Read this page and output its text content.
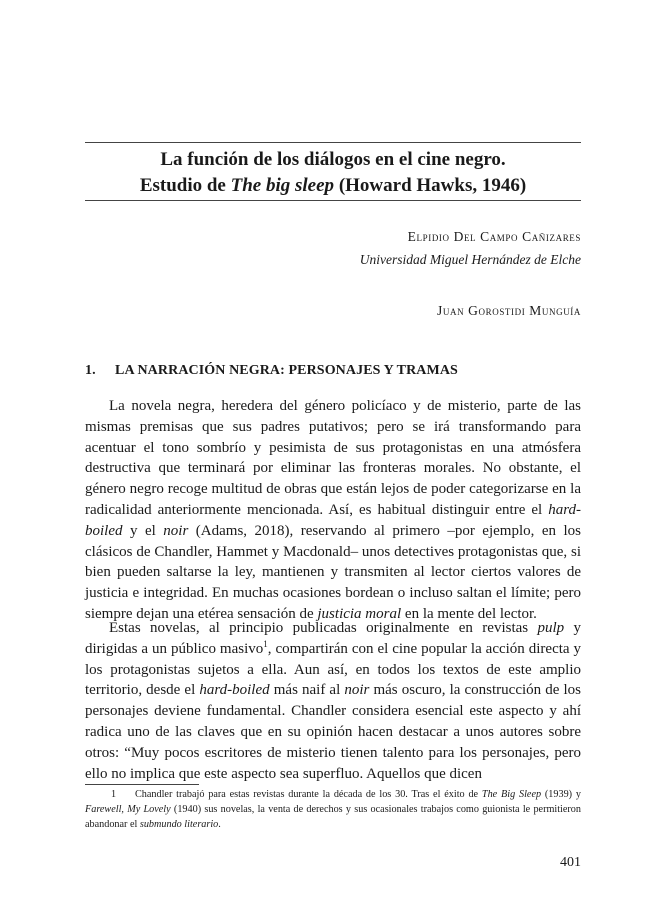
La función de los diálogos en el cine negro.
Estudio de The big sleep (Howard Hawks, 1946)
Elpidio Del Campo Cañizares
Universidad Miguel Hernández de Elche
Juan Gorostidi Munguía
1. LA NARRACIÓN NEGRA: PERSONAJES Y TRAMAS

La novela negra, heredera del género policíaco y de misterio, parte de las mismas premisas que sus padres putativos; pero se irá transformando para acentuar el tono sombrío y pesimista de sus protagonistas en una atmósfera destructiva que terminará por eliminar las fronteras morales. No obstante, el género negro recoge multitud de obras que están lejos de poder categorizarse en la radicalidad anteriormente mencionada. Así, es habitual distinguir entre el hard-boiled y el noir (Adams, 2018), reservando al primero –por ejemplo, en los clásicos de Chandler, Hammet y Macdonald– unos detectives protagonistas que, si bien pueden saltarse la ley, mantienen y transmiten al lector ciertos valores de justicia e integridad. En muchas ocasiones bordean o incluso saltan el límite; pero siempre dejan una etérea sensación de justicia moral en la mente del lector.

Estas novelas, al principio publicadas originalmente en revistas pulp y dirigidas a un público masivo$^1$, compartirán con el cine popular la acción directa y los protagonistas sujetos a ella. Aun así, en todos los textos de este amplio territorio, desde el hard-boiled más naif al noir más oscuro, la construcción de los personajes deviene fundamental. Chandler considera esencial este aspecto y ahí radica uno de las claves que en su opinión hacen destacar a unos autores sobre otros: “Muy pocos escritores de misterio tienen talento para los personajes, pero ello no implica que este aspecto sea superfluo. Aquellos que dicen

1 Chandler trabajó para estas revistas durante la década de los 30. Tras el éxito de The Big Sleep (1939) y Farewell, My Lovely (1940) sus novelas, la venta de derechos y sus ocasionales trabajos como guionista le permitieron abandonar el submundo literario.
401
